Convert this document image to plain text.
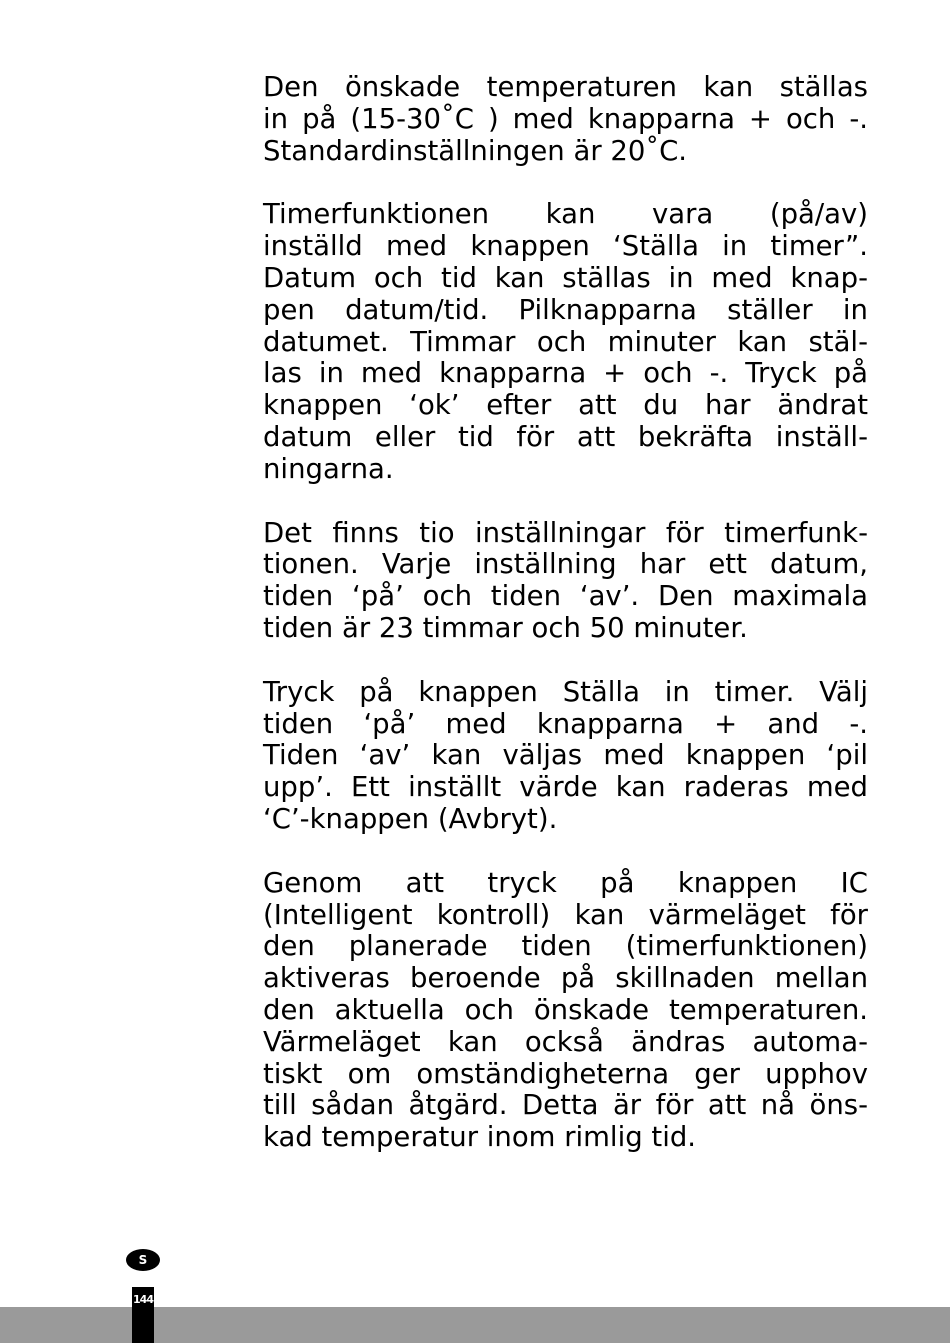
Den önskade temperaturen kan ställas
in på (15-30˚C ) med knapparna + och -.
Standardinställningen är 20˚C.
Timerfunktionen kan vara (på/av)
inställd med knappen ‘Ställa in timer”.
Datum och tid kan ställas in med knap-
pen datum/tid. Pilknapparna ställer in
datumet. Timmar och minuter kan stäl-
las in med knapparna + och -. Tryck på
knappen ‘ok’ efter att du har ändrat
datum eller tid för att bekräfta inställ-
ningarna.
Det finns tio inställningar för timerfunk-
tionen. Varje inställning har ett datum,
tiden ‘på’ och tiden ‘av’. Den maximala
tiden är 23 timmar och 50 minuter.
Tryck på knappen Ställa in timer. Välj
tiden ‘på’ med knapparna + and -.
Tiden ‘av’ kan väljas med knappen ‘pil
upp’. Ett inställt värde kan raderas med
‘C’-knappen (Avbryt).
Genom att tryck på knappen IC
(Intelligent kontroll) kan värmeläget för
den planerade tiden (timerfunktionen)
aktiveras beroende på skillnaden mellan
den aktuella och önskade temperaturen.
Värmeläget kan också ändras automa-
tiskt om omständigheterna ger upphov
till sådan åtgärd. Detta är för att nå öns-
kad temperatur inom rimlig tid.
S
144
